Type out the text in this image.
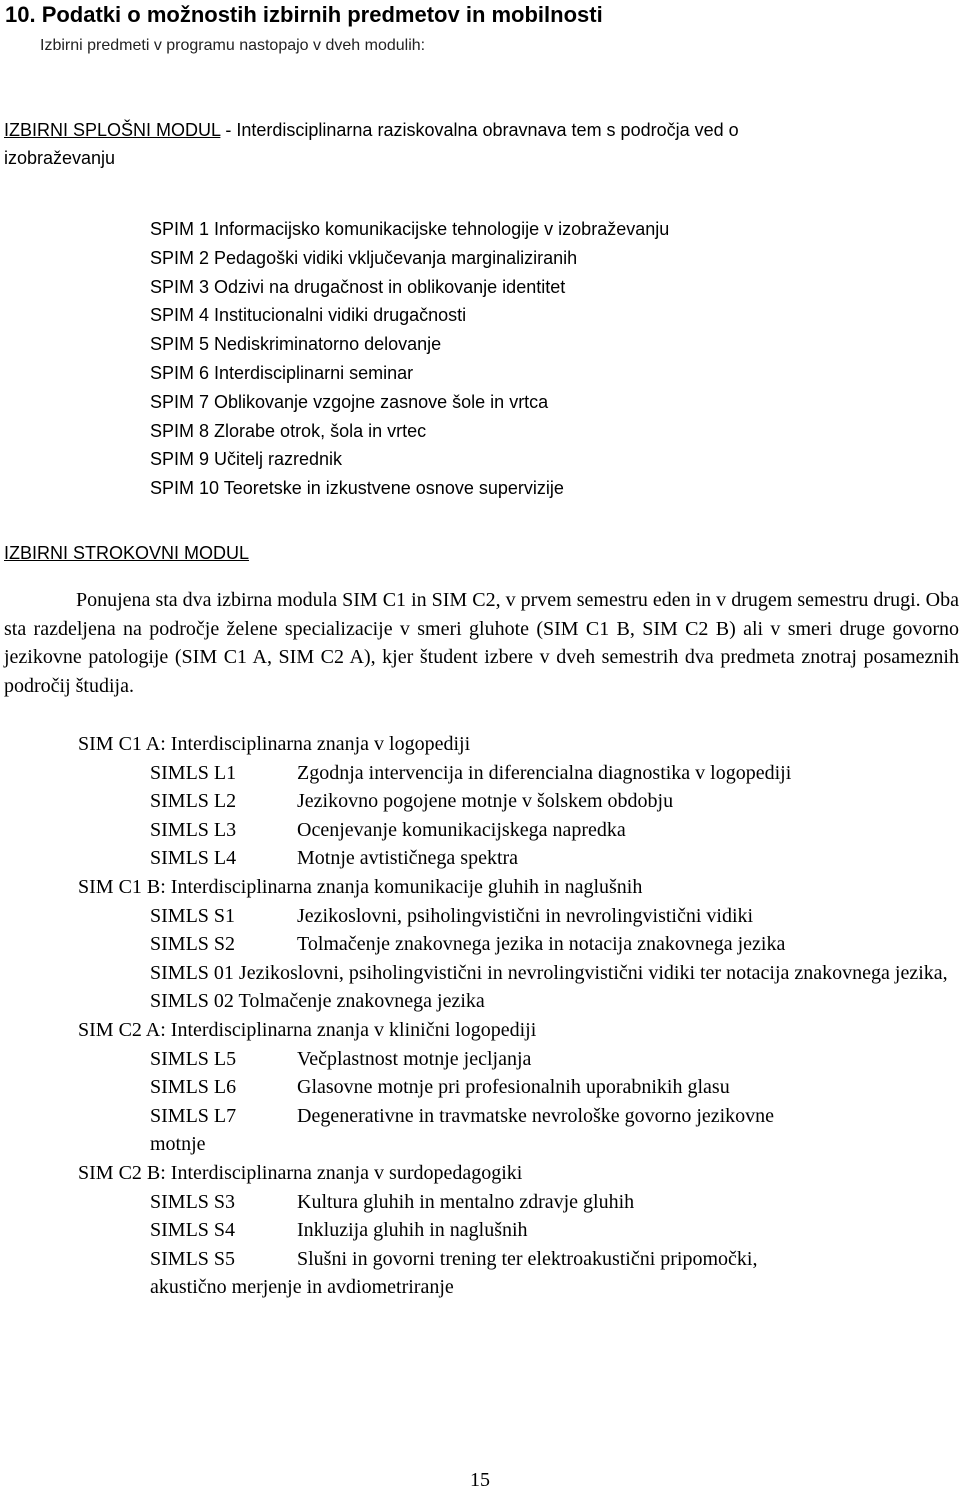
10. Podatki o možnostih izbirnih predmetov in mobilnosti
Izbirni predmeti v programu nastopajo v dveh modulih:
IZBIRNI SPLOŠNI MODUL - Interdisciplinarna raziskovalna obravnava tem s področja ved o
izobraževanju
SPIM 1 Informacijsko komunikacijske tehnologije v izobraževanju
SPIM 2 Pedagoški vidiki vključevanja marginaliziranih
SPIM 3 Odzivi na drugačnost in oblikovanje identitet
SPIM 4 Institucionalni vidiki drugačnosti
SPIM 5 Nediskriminatorno delovanje
SPIM 6 Interdisciplinarni seminar
SPIM 7 Oblikovanje vzgojne zasnove šole in vrtca
SPIM 8 Zlorabe otrok, šola in vrtec
SPIM 9 Učitelj razrednik
SPIM 10 Teoretske in izkustvene osnove supervizije
IZBIRNI STROKOVNI MODUL
Ponujena sta dva izbirna modula SIM C1 in SIM C2, v prvem semestru eden in v drugem semestru drugi. Oba sta razdeljena na področje želene specializacije v smeri gluhote (SIM C1 B, SIM C2 B) ali v smeri druge govorno jezikovne patologije (SIM C1 A, SIM C2 A), kjer študent izbere v dveh semestrih dva predmeta znotraj posameznih področij študija.
SIM C1 A: Interdisciplinarna znanja v logopediji
SIMLS L1	Zgodnja intervencija in diferencialna diagnostika v logopediji
SIMLS L2	Jezikovno pogojene motnje v šolskem obdobju
SIMLS L3	Ocenjevanje komunikacijskega napredka
SIMLS L4	Motnje avtističnega spektra
SIM C1 B: Interdisciplinarna znanja komunikacije gluhih in naglušnih
SIMLS S1	Jezikoslovni, psiholingvistični in nevrolingvistični vidiki
SIMLS S2	Tolmačenje znakovnega jezika in notacija znakovnega jezika
SIMLS 01 Jezikoslovni, psiholingvistični in nevrolingvistični vidiki ter notacija znakovnega jezika,
SIMLS 02 Tolmačenje znakovnega jezika
SIM C2 A: Interdisciplinarna znanja v klinični logopediji
SIMLS L5	Večplastnost motnje jecljanja
SIMLS L6	Glasovne motnje pri profesionalnih uporabnikih glasu
SIMLS L7	Degenerativne in travmatske nevrološke govorno jezikovne
motnje
SIM C2 B: Interdisciplinarna znanja v surdopedagogiki
SIMLS S3	Kultura gluhih in mentalno zdravje gluhih
SIMLS S4	Inkluzija gluhih in naglušnih
SIMLS S5	Slušni in govorni trening ter elektroakustični pripomočki,
akustično merjenje in avdiometriranje
15
